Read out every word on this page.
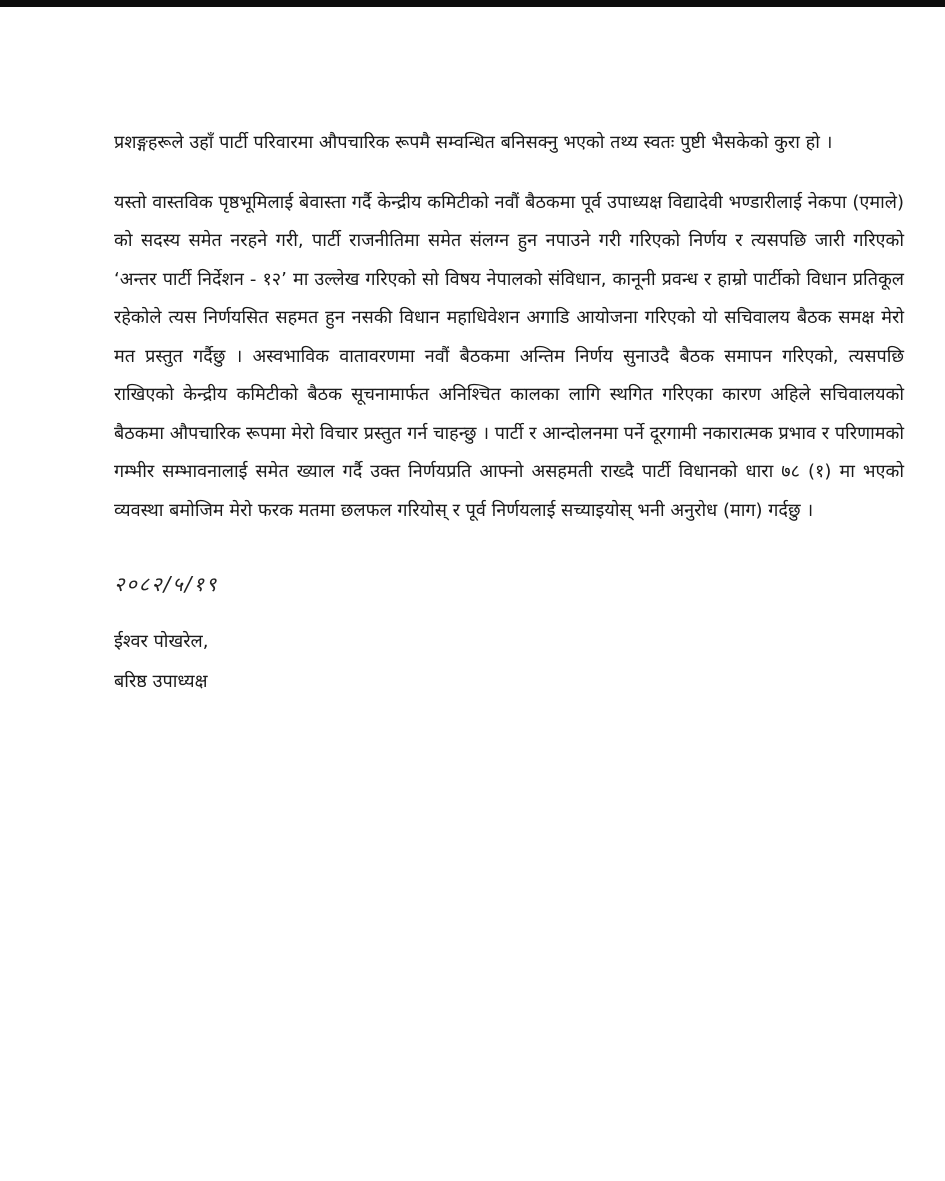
प्रशङ्गहरूले उहाँ पार्टी परिवारमा औपचारिक रूपमै सम्वन्धित बनिसक्नु भएको तथ्य स्वतः पुष्टी भैसकेको कुरा हो ।

यस्तो वास्तविक पृष्ठभूमिलाई बेवास्ता गर्दै केन्द्रीय कमिटीको नवौं बैठकमा पूर्व उपाध्यक्ष विद्यादेवी भण्डारीलाई नेकपा (एमाले) को सदस्य समेत नरहने गरी, पार्टी राजनीतिमा समेत संलग्न हुन नपाउने गरी गरिएको निर्णय र त्यसपछि जारी गरिएको ‘अन्तर पार्टी निर्देशन - १२’ मा उल्लेख गरिएको सो विषय नेपालको संविधान, कानूनी प्रवन्ध र हाम्रो पार्टीको विधान प्रतिकूल रहेकोले त्यस निर्णयसित सहमत हुन नसकी विधान महाधिवेशन अगाडि आयोजना गरिएको यो सचिवालय बैठक समक्ष मेरो मत प्रस्तुत गर्दैछु । अस्वभाविक वातावरणमा नवौं बैठकमा अन्तिम निर्णय सुनाउदै बैठक समापन गरिएको, त्यसपछि राखिएको केन्द्रीय कमिटीको बैठक सूचनामार्फत अनिश्चित कालका लागि स्थगित गरिएका कारण अहिले सचिवालयको बैठकमा औपचारिक रूपमा मेरो विचार प्रस्तुत गर्न चाहन्छु । पार्टी र आन्दोलनमा पर्ने दूरगामी नकारात्मक प्रभाव र परिणामको गम्भीर सम्भावनालाई समेत ख्याल गर्दै उक्त निर्णयप्रति आफ्नो असहमती राख्दै पार्टी विधानको धारा ७८ (१) मा भएको व्यवस्था बमोजिम मेरो फरक मतमा छलफल गरियोस् र पूर्व निर्णयलाई सच्याइयोस् भनी अनुरोध (माग) गर्दछु ।

२०८२/५/१९
ईश्वर पोखरेल,
बरिष्ठ उपाध्यक्ष
